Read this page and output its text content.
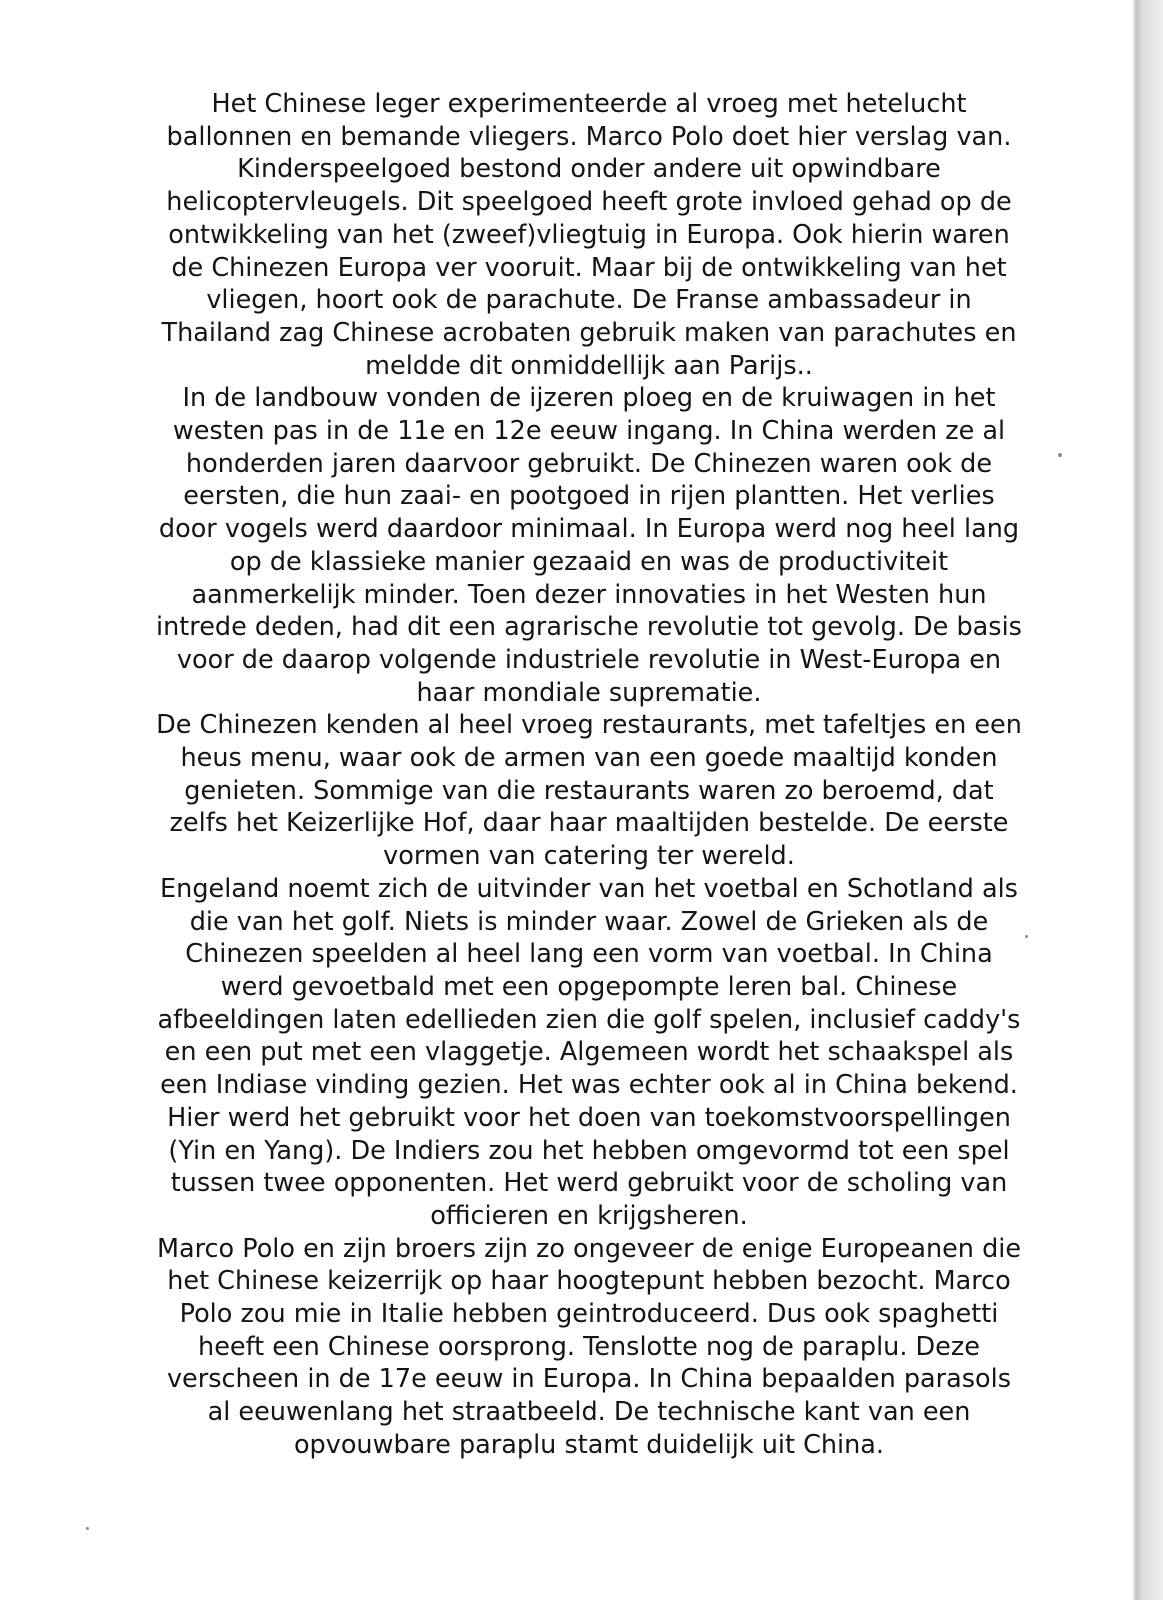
Het Chinese leger experimenteerde al vroeg met hetelucht
ballonnen en bemande vliegers. Marco Polo doet hier verslag van.
Kinderspeelgoed bestond onder andere uit opwindbare
helicoptervleugels. Dit speelgoed heeft grote invloed gehad op de
ontwikkeling van het (zweef)vliegtuig in Europa. Ook hierin waren
de Chinezen Europa ver vooruit. Maar bij de ontwikkeling van het
vliegen, hoort ook de parachute. De Franse ambassadeur in
Thailand zag Chinese acrobaten gebruik maken van parachutes en
meldde dit onmiddellijk aan Parijs..
In de landbouw vonden de ijzeren ploeg en de kruiwagen in het
westen pas in de 11e en 12e eeuw ingang. In China werden ze al
honderden jaren daarvoor gebruikt. De Chinezen waren ook de
eersten, die hun zaai- en pootgoed in rijen plantten. Het verlies
door vogels werd daardoor minimaal. In Europa werd nog heel lang
op de klassieke manier gezaaid en was de productiviteit
aanmerkelijk minder. Toen dezer innovaties in het Westen hun
intrede deden, had dit een agrarische revolutie tot gevolg. De basis
voor de daarop volgende industriele revolutie in West-Europa en
haar mondiale suprematie.
De Chinezen kenden al heel vroeg restaurants, met tafeltjes en een
heus menu, waar ook de armen van een goede maaltijd konden
genieten. Sommige van die restaurants waren zo beroemd, dat
zelfs het Keizerlijke Hof, daar haar maaltijden bestelde. De eerste
vormen van catering ter wereld.
Engeland noemt zich de uitvinder van het voetbal en Schotland als
die van het golf. Niets is minder waar. Zowel de Grieken als de
Chinezen speelden al heel lang een vorm van voetbal. In China
werd gevoetbald met een opgepompte leren bal. Chinese
afbeeldingen laten edellieden zien die golf spelen, inclusief caddy's
en een put met een vlaggetje. Algemeen wordt het schaakspel als
een Indiase vinding gezien. Het was echter ook al in China bekend.
Hier werd het gebruikt voor het doen van toekomstvoorspellingen
(Yin en Yang). De Indiers zou het hebben omgevormd tot een spel
tussen twee opponenten. Het werd gebruikt voor de scholing van
officieren en krijgsheren.
Marco Polo en zijn broers zijn zo ongeveer de enige Europeanen die
het Chinese keizerrijk op haar hoogtepunt hebben bezocht. Marco
Polo zou mie in Italie hebben geintroduceerd. Dus ook spaghetti
heeft een Chinese oorsprong. Tenslotte nog de paraplu. Deze
verscheen in de 17e eeuw in Europa. In China bepaalden parasols
al eeuwenlang het straatbeeld. De technische kant van een
opvouwbare paraplu stamt duidelijk uit China.
